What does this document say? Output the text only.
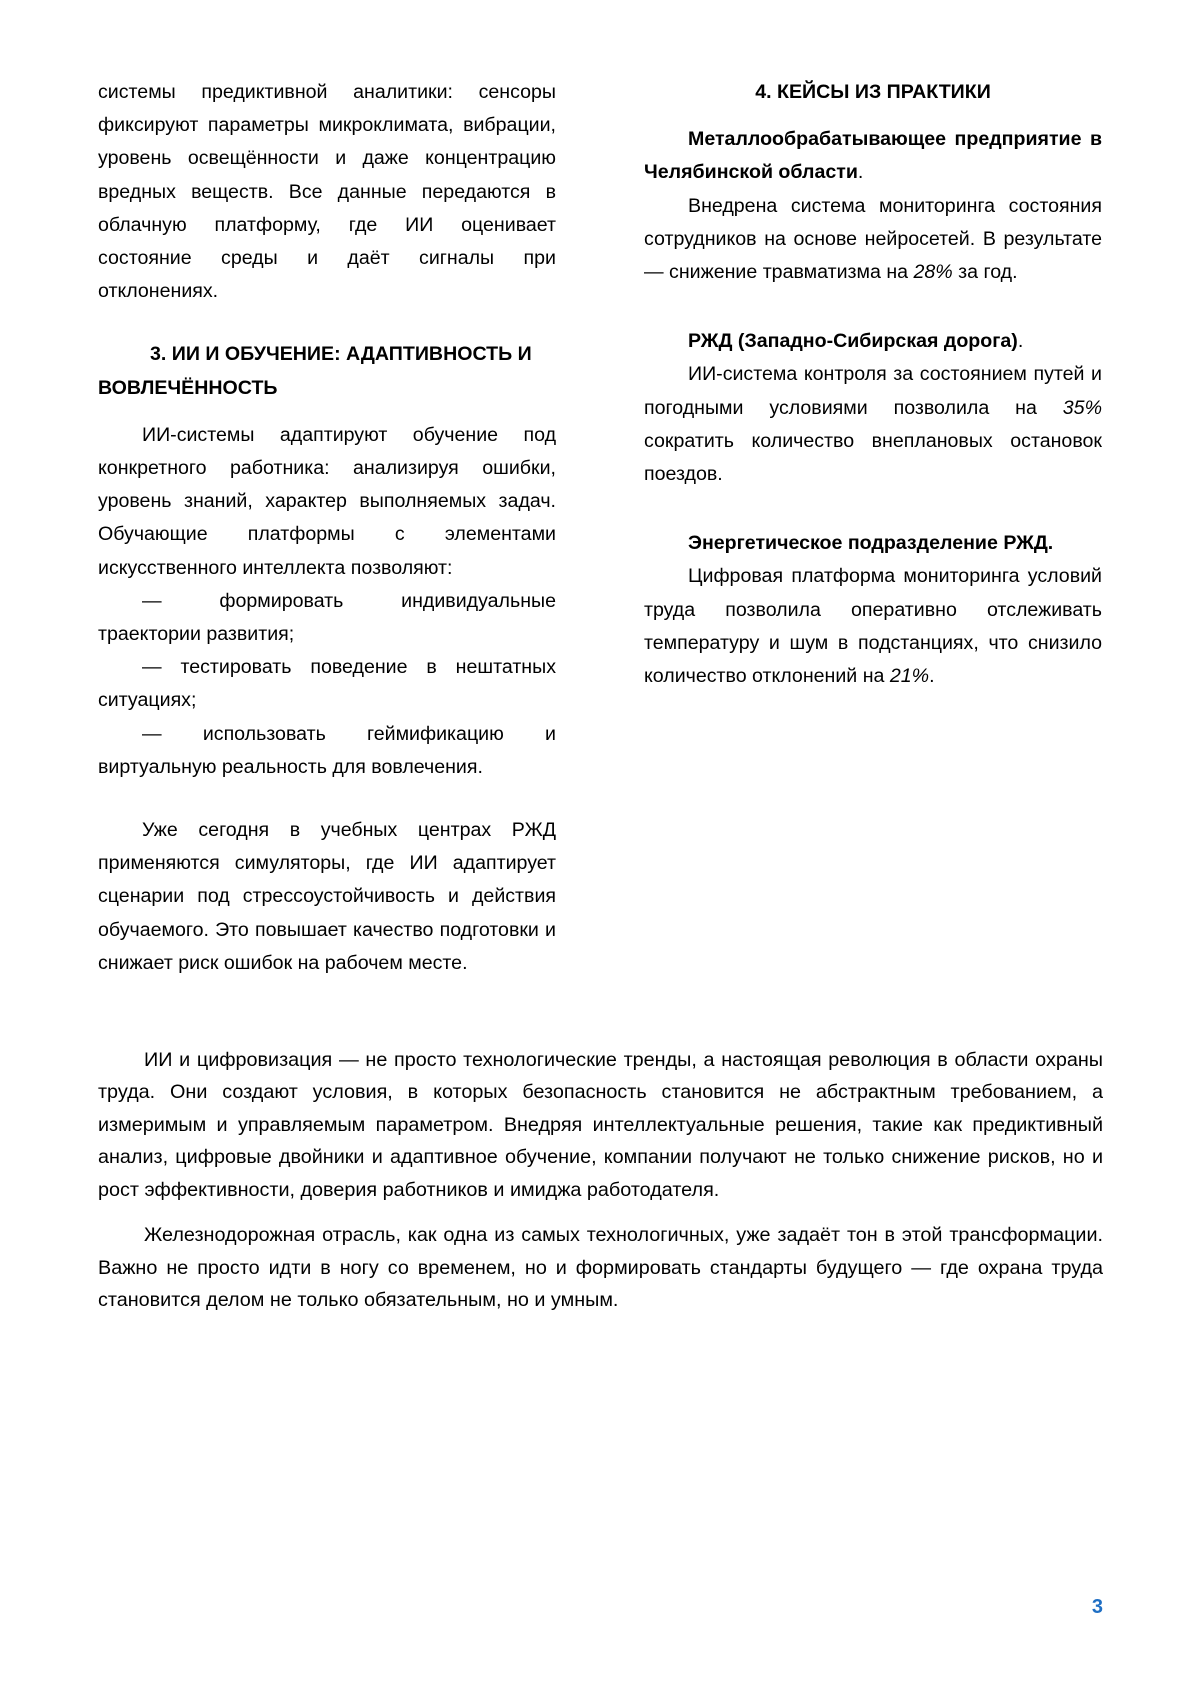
системы предиктивной аналитики: сенсоры фиксируют параметры микроклимата, вибрации, уровень освещённости и даже концентрацию вредных веществ. Все данные передаются в облачную платформу, где ИИ оценивает состояние среды и даёт сигналы при отклонениях.

3. ИИ И ОБУЧЕНИЕ: АДАПТИВНОСТЬ И ВОВЛЕЧЁННОСТЬ

ИИ-системы адаптируют обучение под конкретного работника: анализируя ошибки, уровень знаний, характер выполняемых задач. Обучающие платформы с элементами искусственного интеллекта позволяют:

— формировать индивидуальные траектории развития;

— тестировать поведение в нештатных ситуациях;

— использовать геймификацию и виртуальную реальность для вовлечения.

Уже сегодня в учебных центрах РЖД применяются симуляторы, где ИИ адаптирует сценарии под стрессоустойчивость и действия обучаемого. Это повышает качество подготовки и снижает риск ошибок на рабочем месте.

4. КЕЙСЫ ИЗ ПРАКТИКИ

Металлообрабатывающее предприятие в Челябинской области.

Внедрена система мониторинга состояния сотрудников на основе нейросетей. В результате — снижение травматизма на 28% за год.

РЖД (Западно-Сибирская дорога).

ИИ-система контроля за состоянием путей и погодными условиями позволила на 35% сократить количество внеплановых остановок поездов.

Энергетическое подразделение РЖД.

Цифровая платформа мониторинга условий труда позволила оперативно отслеживать температуру и шум в подстанциях, что снизило количество отклонений на 21%.

ИИ и цифровизация — не просто технологические тренды, а настоящая революция в области охраны труда. Они создают условия, в которых безопасность становится не абстрактным требованием, а измеримым и управляемым параметром. Внедряя интеллектуальные решения, такие как предиктивный анализ, цифровые двойники и адаптивное обучение, компании получают не только снижение рисков, но и рост эффективности, доверия работников и имиджа работодателя.

Железнодорожная отрасль, как одна из самых технологичных, уже задаёт тон в этой трансформации. Важно не просто идти в ногу со временем, но и формировать стандарты будущего — где охрана труда становится делом не только обязательным, но и умным.

3
